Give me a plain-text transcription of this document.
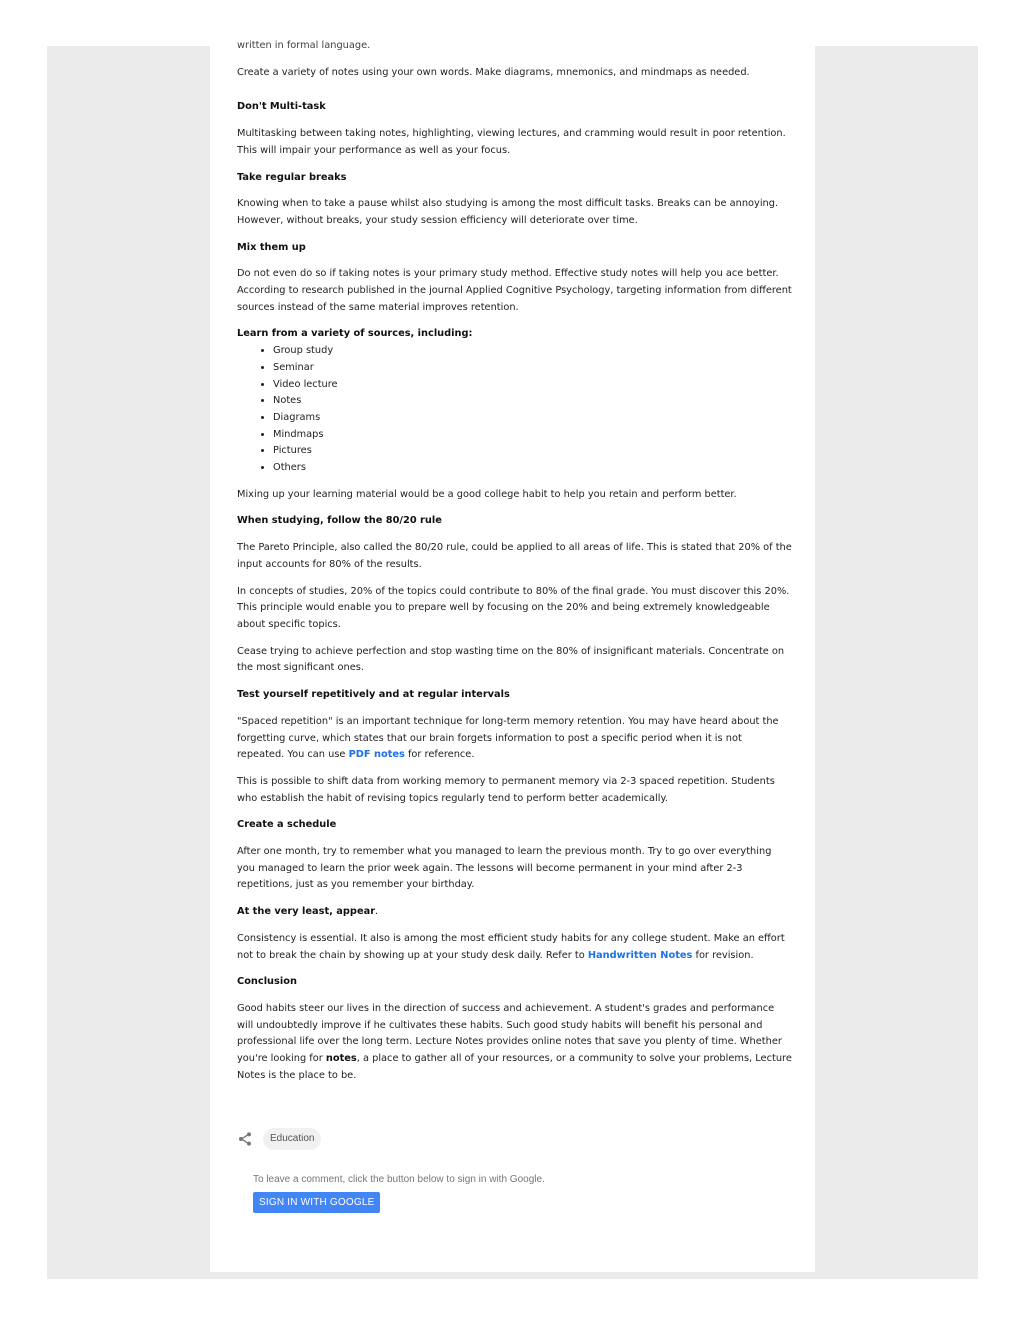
written in formal language.

Create a variety of notes using your own words. Make diagrams, mnemonics, and mindmaps as needed.

Don't Multi-task

Multitasking between taking notes, highlighting, viewing lectures, and cramming would result in poor retention. This will impair your performance as well as your focus.

Take regular breaks

Knowing when to take a pause whilst also studying is among the most difficult tasks. Breaks can be annoying. However, without breaks, your study session efficiency will deteriorate over time.

Mix them up

Do not even do so if taking notes is your primary study method. Effective study notes will help you ace better. According to research published in the journal Applied Cognitive Psychology, targeting information from different sources instead of the same material improves retention.

Learn from a variety of sources, including:
• Group study
• Seminar
• Video lecture
• Notes
• Diagrams
• Mindmaps
• Pictures
• Others

Mixing up your learning material would be a good college habit to help you retain and perform better.

When studying, follow the 80/20 rule

The Pareto Principle, also called the 80/20 rule, could be applied to all areas of life. This is stated that 20% of the input accounts for 80% of the results.

In concepts of studies, 20% of the topics could contribute to 80% of the final grade. You must discover this 20%. This principle would enable you to prepare well by focusing on the 20% and being extremely knowledgeable about specific topics.

Cease trying to achieve perfection and stop wasting time on the 80% of insignificant materials. Concentrate on the most significant ones.

Test yourself repetitively and at regular intervals

"Spaced repetition" is an important technique for long-term memory retention. You may have heard about the forgetting curve, which states that our brain forgets information to post a specific period when it is not repeated. You can use PDF notes for reference.

This is possible to shift data from working memory to permanent memory via 2-3 spaced repetition. Students who establish the habit of revising topics regularly tend to perform better academically.

Create a schedule

After one month, try to remember what you managed to learn the previous month. Try to go over everything you managed to learn the prior week again. The lessons will become permanent in your mind after 2-3 repetitions, just as you remember your birthday.

At the very least, appear.

Consistency is essential. It also is among the most efficient study habits for any college student. Make an effort not to break the chain by showing up at your study desk daily. Refer to Handwritten Notes for revision.

Conclusion

Good habits steer our lives in the direction of success and achievement. A student's grades and performance will undoubtedly improve if he cultivates these habits. Such good study habits will benefit his personal and professional life over the long term. Lecture Notes provides online notes that save you plenty of time. Whether you're looking for notes, a place to gather all of your resources, or a community to solve your problems, Lecture Notes is the place to be.

Education

To leave a comment, click the button below to sign in with Google.

SIGN IN WITH GOOGLE
